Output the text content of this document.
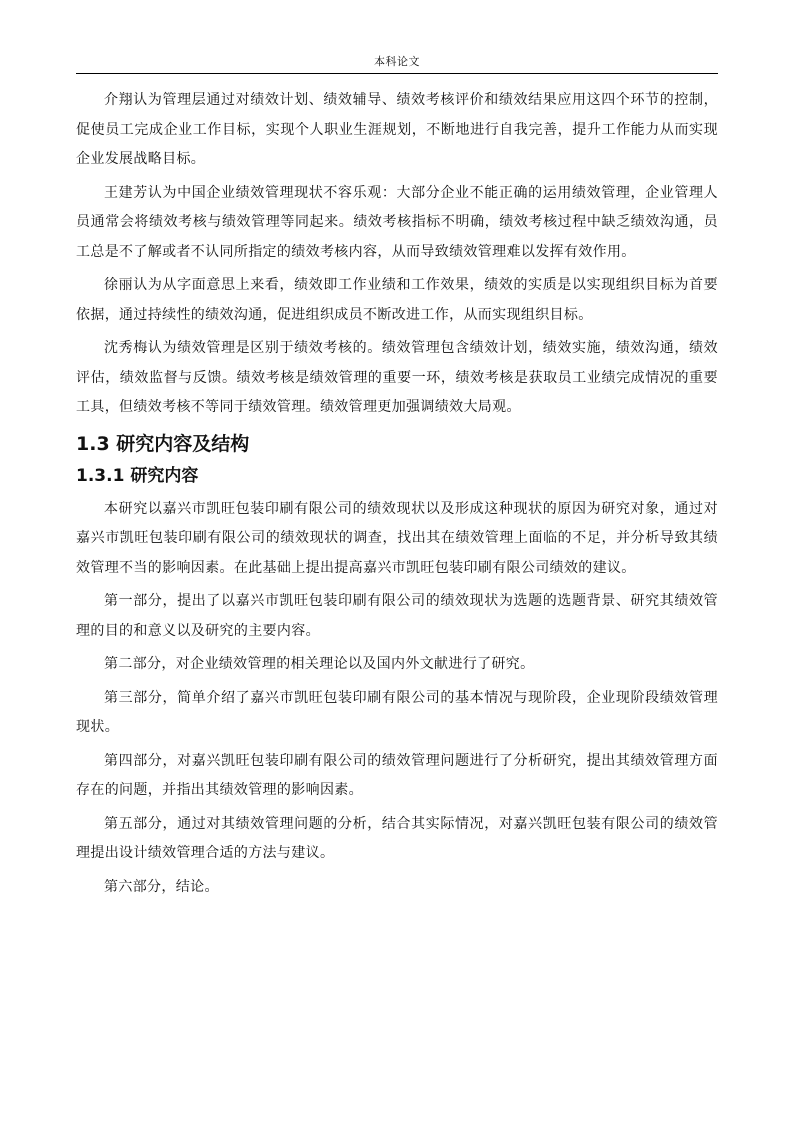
本科论文

介翔认为管理层通过对绩效计划、绩效辅导、绩效考核评价和绩效结果应用这四个环节的控制，促使员工完成企业工作目标，实现个人职业生涯规划，不断地进行自我完善，提升工作能力从而实现企业发展战略目标。

王建芳认为中国企业绩效管理现状不容乐观：大部分企业不能正确的运用绩效管理，企业管理人员通常会将绩效考核与绩效管理等同起来。绩效考核指标不明确，绩效考核过程中缺乏绩效沟通，员工总是不了解或者不认同所指定的绩效考核内容，从而导致绩效管理难以发挥有效作用。

徐丽认为从字面意思上来看，绩效即工作业绩和工作效果，绩效的实质是以实现组织目标为首要依据，通过持续性的绩效沟通，促进组织成员不断改进工作，从而实现组织目标。

沈秀梅认为绩效管理是区别于绩效考核的。绩效管理包含绩效计划，绩效实施，绩效沟通，绩效评估，绩效监督与反馈。绩效考核是绩效管理的重要一环，绩效考核是获取员工业绩完成情况的重要工具，但绩效考核不等同于绩效管理。绩效管理更加强调绩效大局观。

1.3 研究内容及结构
1.3.1 研究内容

本研究以嘉兴市凯旺包装印刷有限公司的绩效现状以及形成这种现状的原因为研究对象，通过对嘉兴市凯旺包装印刷有限公司的绩效现状的调查，找出其在绩效管理上面临的不足，并分析导致其绩效管理不当的影响因素。在此基础上提出提高嘉兴市凯旺包装印刷有限公司绩效的建议。

第一部分，提出了以嘉兴市凯旺包装印刷有限公司的绩效现状为选题的选题背景、研究其绩效管理的目的和意义以及研究的主要内容。

第二部分，对企业绩效管理的相关理论以及国内外文献进行了研究。

第三部分，简单介绍了嘉兴市凯旺包装印刷有限公司的基本情况与现阶段，企业现阶段绩效管理现状。

第四部分，对嘉兴凯旺包装印刷有限公司的绩效管理问题进行了分析研究，提出其绩效管理方面存在的问题，并指出其绩效管理的影响因素。

第五部分，通过对其绩效管理问题的分析，结合其实际情况，对嘉兴凯旺包装有限公司的绩效管理提出设计绩效管理合适的方法与建议。

第六部分，结论。
